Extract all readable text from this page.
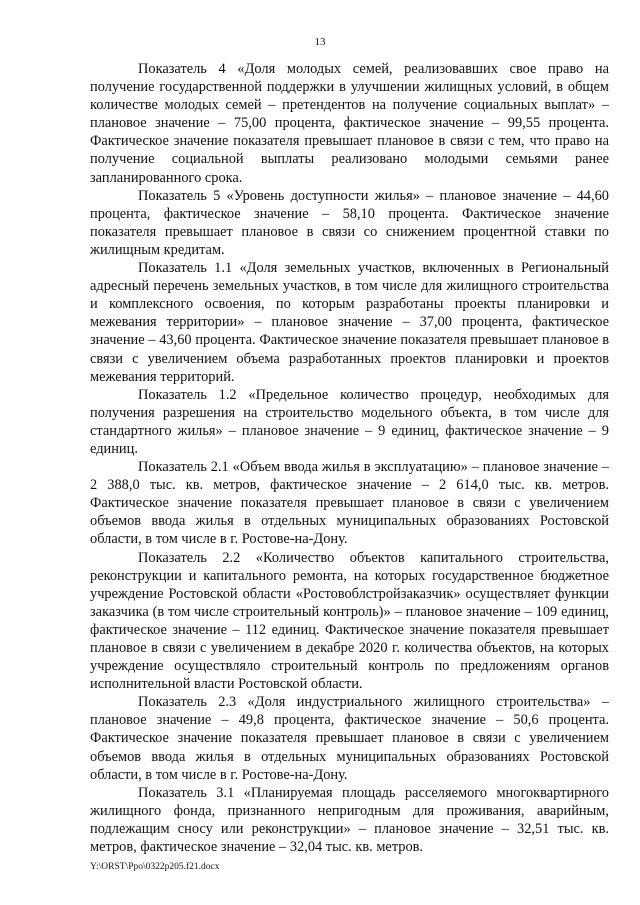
13

Показатель 4 «Доля молодых семей, реализовавших свое право на получение государственной поддержки в улучшении жилищных условий, в общем количестве молодых семей – претендентов на получение социальных выплат» – плановое значение – 75,00 процента, фактическое значение – 99,55 процента. Фактическое значение показателя превышает плановое в связи с тем, что право на получение социальной выплаты реализовано молодыми семьями ранее запланированного срока.

Показатель 5 «Уровень доступности жилья» – плановое значение – 44,60 процента, фактическое значение – 58,10 процента. Фактическое значение показателя превышает плановое в связи со снижением процентной ставки по жилищным кредитам.

Показатель 1.1 «Доля земельных участков, включенных в Региональный адресный перечень земельных участков, в том числе для жилищного строительства и комплексного освоения, по которым разработаны проекты планировки и межевания территории» – плановое значение – 37,00 процента, фактическое значение – 43,60 процента. Фактическое значение показателя превышает плановое в связи с увеличением объема разработанных проектов планировки и проектов межевания территорий.

Показатель 1.2 «Предельное количество процедур, необходимых для получения разрешения на строительство модельного объекта, в том числе для стандартного жилья» – плановое значение – 9 единиц, фактическое значение – 9 единиц.

Показатель 2.1 «Объем ввода жилья в эксплуатацию» – плановое значение – 2 388,0 тыс. кв. метров, фактическое значение – 2 614,0 тыс. кв. метров. Фактическое значение показателя превышает плановое в связи с увеличением объемов ввода жилья в отдельных муниципальных образованиях Ростовской области, в том числе в г. Ростове-на-Дону.

Показатель 2.2 «Количество объектов капитального строительства, реконструкции и капитального ремонта, на которых государственное бюджетное учреждение Ростовской области «Ростовоблстройзаказчик» осуществляет функции заказчика (в том числе строительный контроль)» – плановое значение – 109 единиц, фактическое значение – 112 единиц. Фактическое значение показателя превышает плановое в связи с увеличением в декабре 2020 г. количества объектов, на которых учреждение осуществляло строительный контроль по предложениям органов исполнительной власти Ростовской области.

Показатель 2.3 «Доля индустриального жилищного строительства» – плановое значение – 49,8 процента, фактическое значение – 50,6 процента. Фактическое значение показателя превышает плановое в связи с увеличением объемов ввода жилья в отдельных муниципальных образованиях Ростовской области, в том числе в г. Ростове-на-Дону.

Показатель 3.1 «Планируемая площадь расселяемого многоквартирного жилищного фонда, признанного непригодным для проживания, аварийным, подлежащим сносу или реконструкции» – плановое значение – 32,51 тыс. кв. метров, фактическое значение – 32,04 тыс. кв. метров.

Y:\ORST\Ppo\0322p205.f21.docx
